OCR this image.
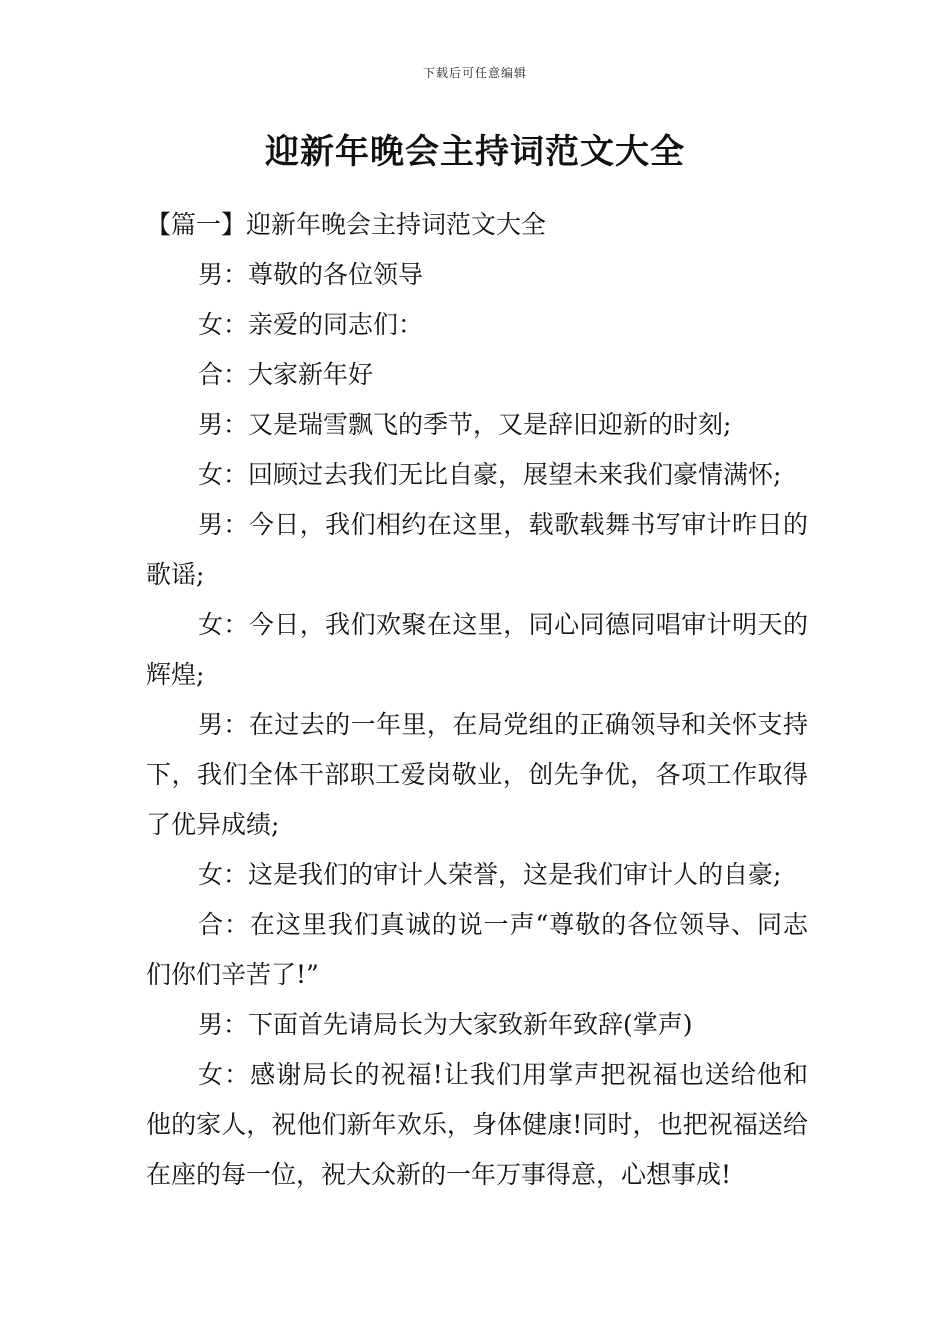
下载后可任意编辑
迎新年晚会主持词范文大全

【篇一】迎新年晚会主持词范文大全

男：尊敬的各位领导

女：亲爱的同志们：

合：大家新年好

男：又是瑞雪飘飞的季节，又是辞旧迎新的时刻;

女：回顾过去我们无比自豪，展望未来我们豪情满怀;

男：今日，我们相约在这里，载歌载舞书写审计昨日的歌谣;

女：今日，我们欢聚在这里，同心同德同唱审计明天的辉煌;

男：在过去的一年里，在局党组的正确领导和关怀支持下，我们全体干部职工爱岗敬业，创先争优，各项工作取得了优异成绩;

女：这是我们的审计人荣誉，这是我们审计人的自豪;

合：在这里我们真诚的说一声“尊敬的各位领导、同志们你们辛苦了!”

男：下面首先请局长为大家致新年致辞(掌声)

女：感谢局长的祝福!让我们用掌声把祝福也送给他和他的家人，祝他们新年欢乐，身体健康!同时，也把祝福送给在座的每一位，祝大众新的一年万事得意，心想事成!
